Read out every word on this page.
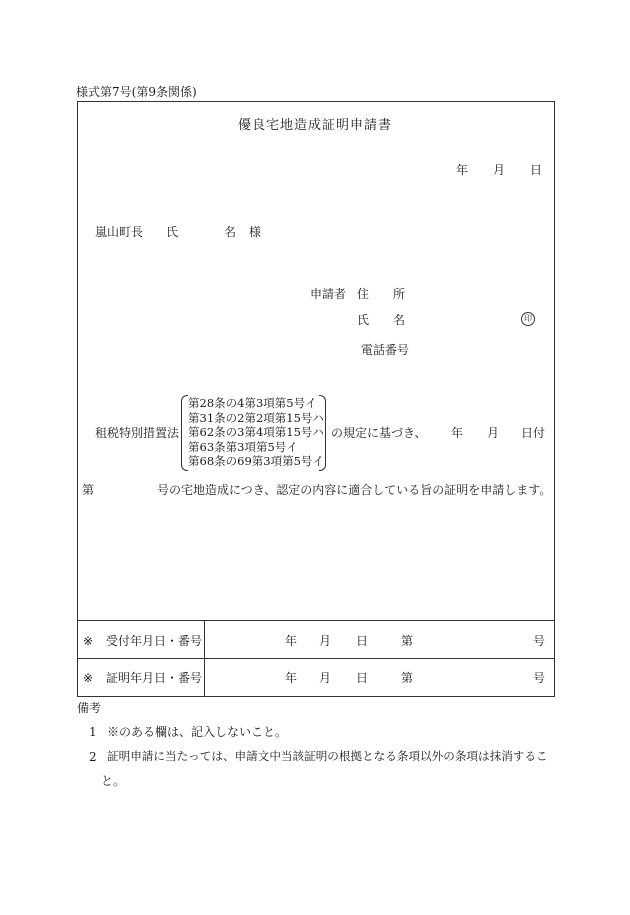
様式第7号(第9条関係)
優良宅地造成証明申請書
年 月 日
嵐山町長 氏	名 様
申請者 住 所
氏 名	印
電話番号
租税特別措置法
第28条の4第3項第5号イ
第31条の2第2項第15号ハ
第62条の3第4項第15号ハ
第63条第3項第5号イ
第68条の69第3項第5号イ
の規定に基づき、 年 月 日付
第	号の宅地造成につき、認定の内容に適合している旨の証明を申請します。
※ 受付年月日・番号	年 月 日	第	号
※ 証明年月日・番号	年 月 日	第	号
備考
1 ※のある欄は、記入しないこと。
2 証明申請に当たっては、申請文中当該証明の根拠となる条項以外の条項は抹消するこ
と。
